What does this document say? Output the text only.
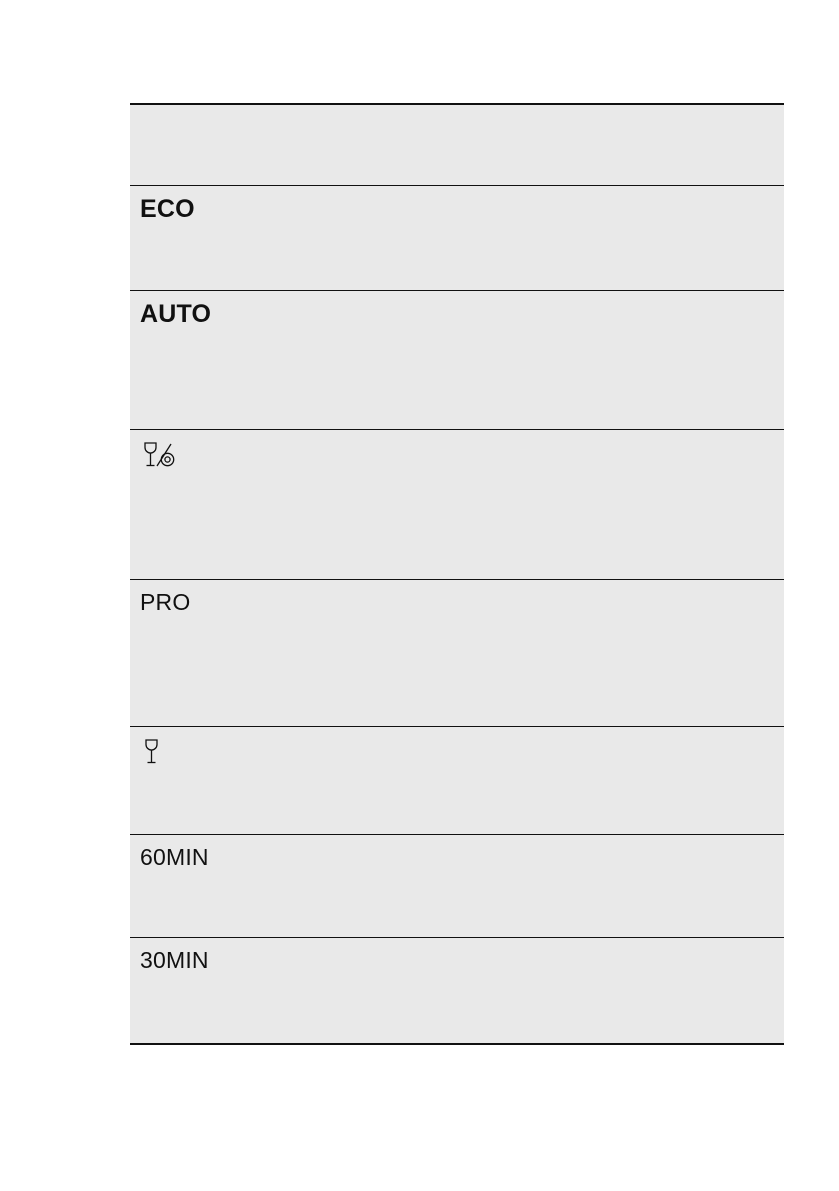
ECO
AUTO
PRO
60MIN
30MIN
